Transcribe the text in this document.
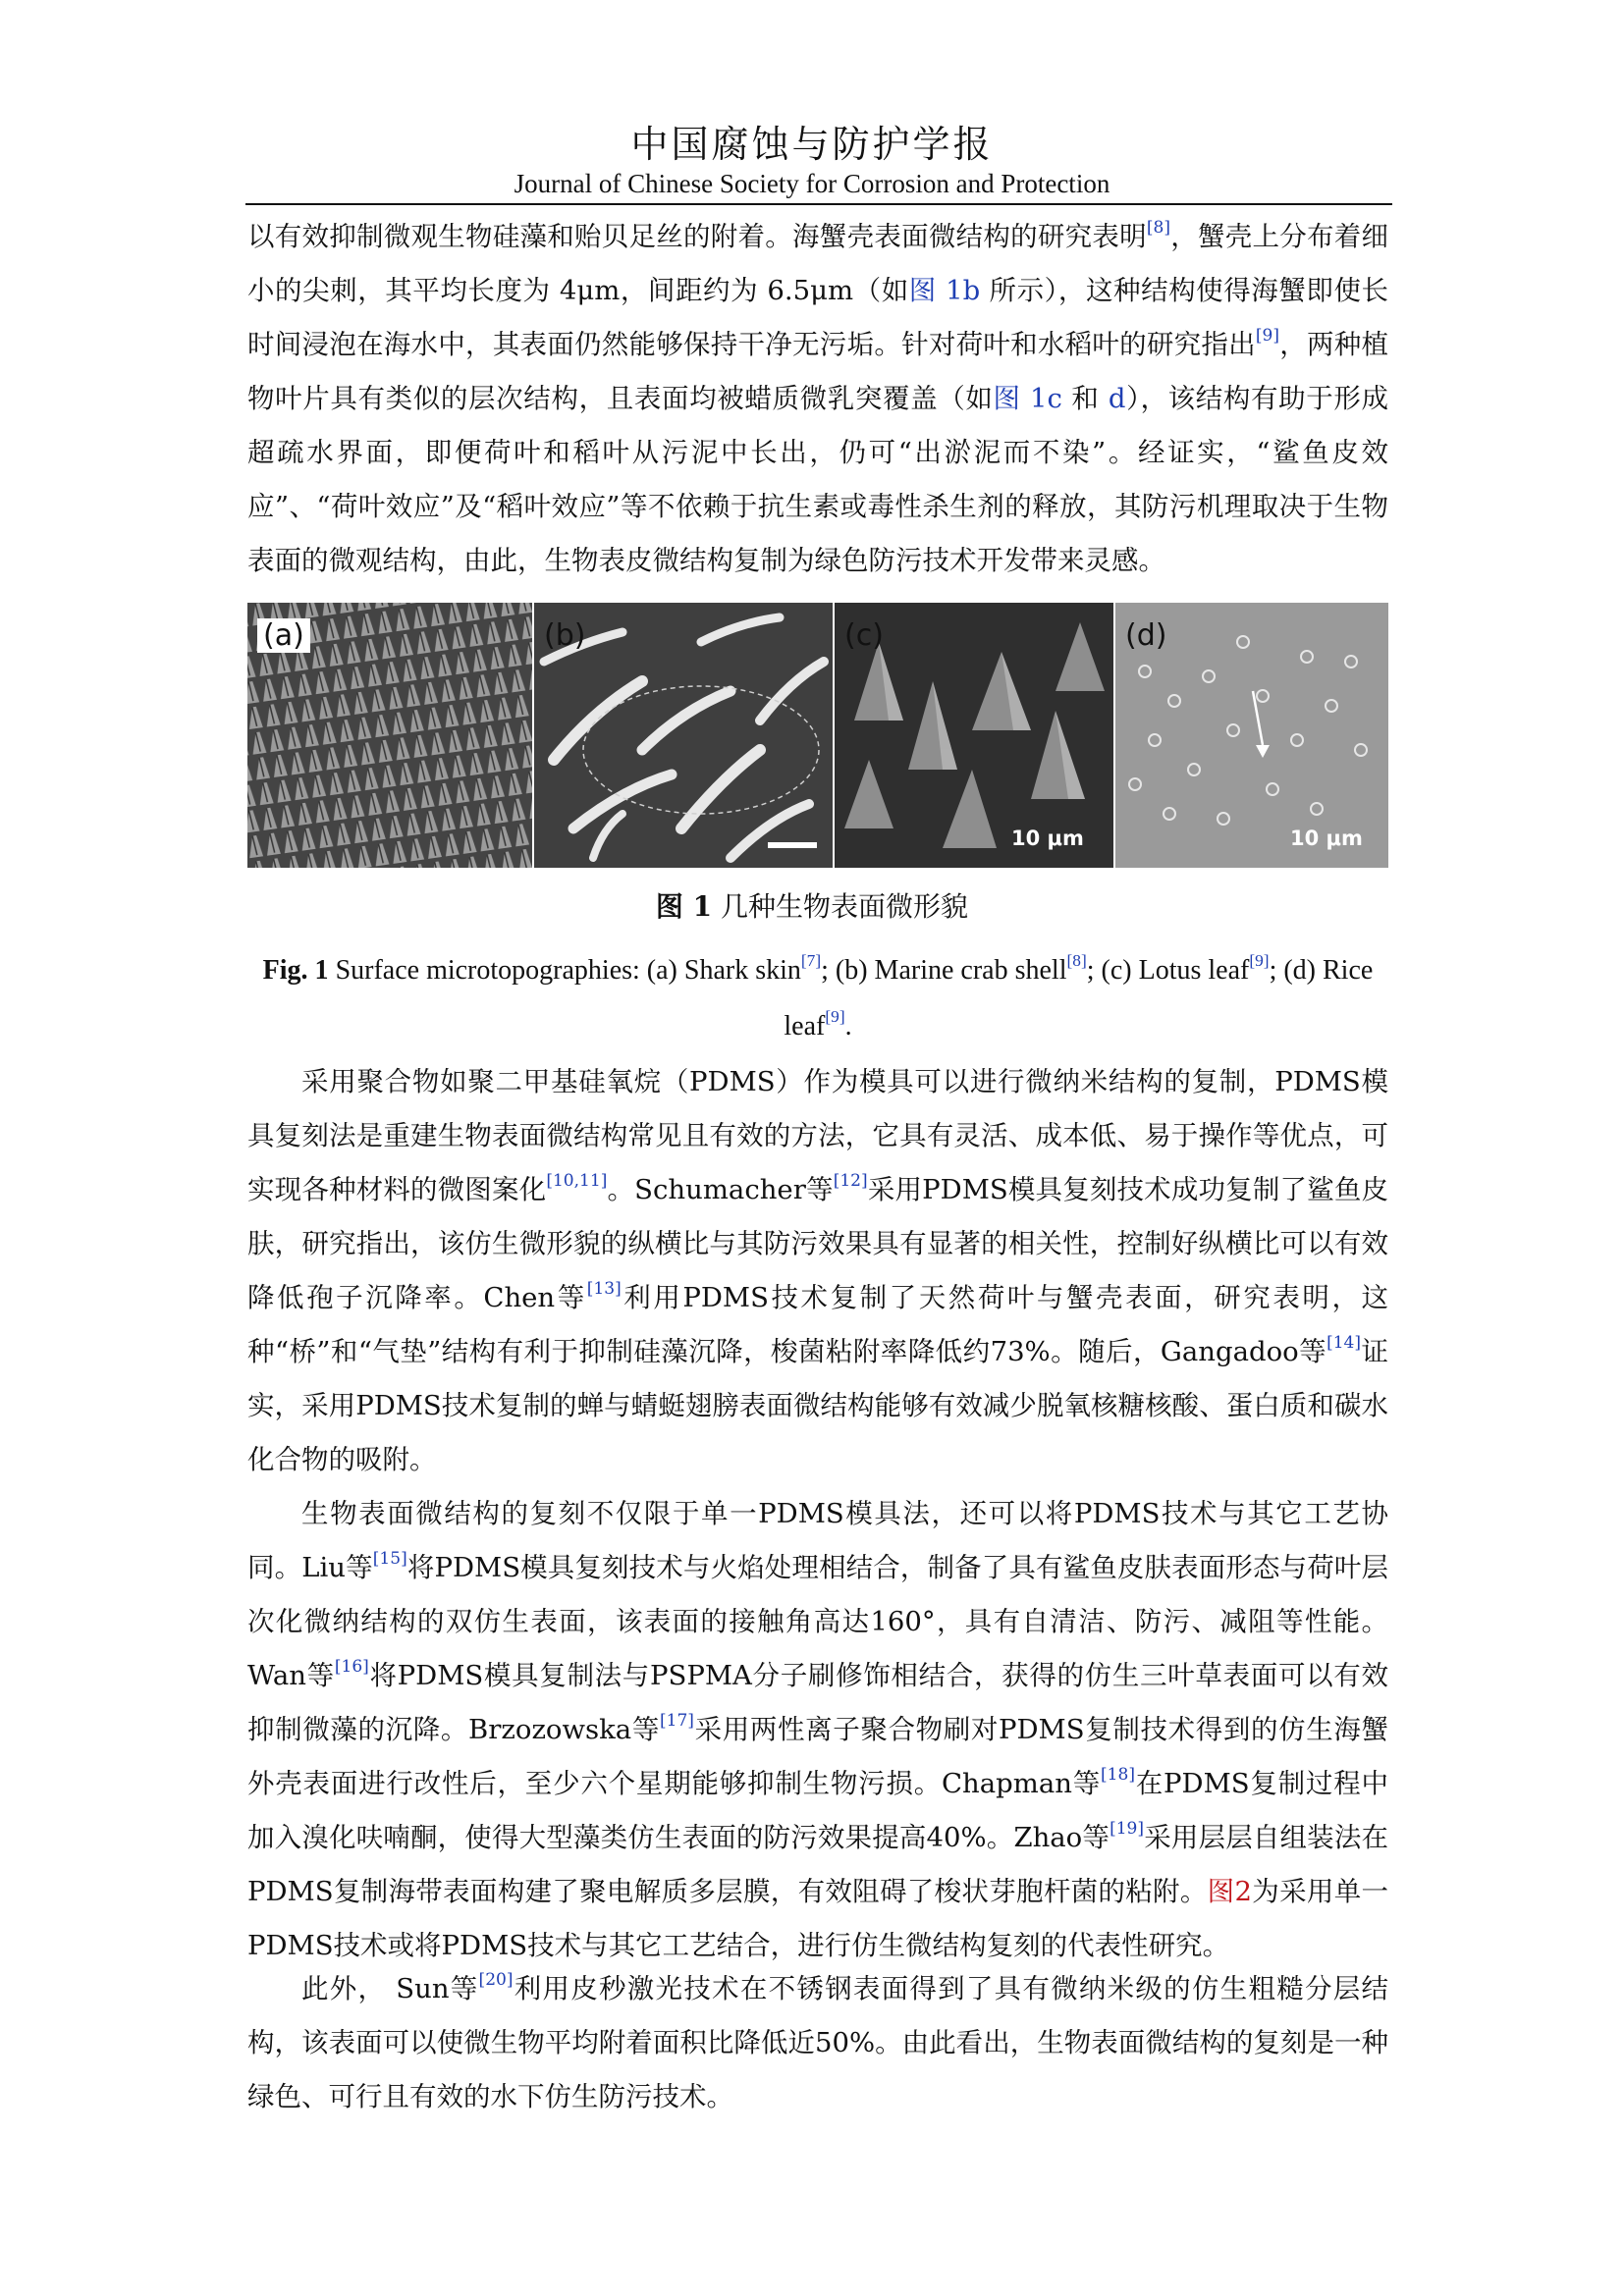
中国腐蚀与防护学报
Journal of Chinese Society for Corrosion and Protection

以有效抑制微观生物硅藻和贻贝足丝的附着。海蟹壳表面微结构的研究表明[8]，蟹壳上分布着细小的尖刺，其平均长度为 4μm，间距约为 6.5μm（如图 1b 所示），这种结构使得海蟹即使长时间浸泡在海水中，其表面仍然能够保持干净无污垢。针对荷叶和水稻叶的研究指出[9]，两种植物叶片具有类似的层次结构，且表面均被蜡质微乳突覆盖（如图 1c 和 d），该结构有助于形成超疏水界面，即便荷叶和稻叶从污泥中长出，仍可“出淤泥而不染”。经证实，“鲨鱼皮效应”、“荷叶效应”及“稻叶效应”等不依赖于抗生素或毒性杀生剂的释放，其防污机理取决于生物表面的微观结构，由此，生物表皮微结构复制为绿色防污技术开发带来灵感。

(a)	(b)	(c)
10 μm
(d)
10 μm
图 1 几种生物表面微形貌
Fig. 1 Surface microtopographies: (a) Shark skin[7]; (b) Marine crab shell[8]; (c) Lotus leaf[9]; (d) Rice leaf[9].

采用聚合物如聚二甲基硅氧烷（PDMS）作为模具可以进行微纳米结构的复制，PDMS模具复刻法是重建生物表面微结构常见且有效的方法，它具有灵活、成本低、易于操作等优点，可实现各种材料的微图案化[10,11]。Schumacher等[12]采用PDMS模具复刻技术成功复制了鲨鱼皮肤，研究指出，该仿生微形貌的纵横比与其防污效果具有显著的相关性，控制好纵横比可以有效降低孢子沉降率。Chen等[13]利用PDMS技术复制了天然荷叶与蟹壳表面，研究表明，这种“桥”和“气垫”结构有利于抑制硅藻沉降，梭菌粘附率降低约73%。随后，Gangadoo等[14]证实，采用PDMS技术复制的蝉与蜻蜓翅膀表面微结构能够有效减少脱氧核糖核酸、蛋白质和碳水化合物的吸附。

生物表面微结构的复刻不仅限于单一PDMS模具法，还可以将PDMS技术与其它工艺协同。Liu等[15]将PDMS模具复刻技术与火焰处理相结合，制备了具有鲨鱼皮肤表面形态与荷叶层次化微纳结构的双仿生表面，该表面的接触角高达160°，具有自清洁、防污、减阻等性能。Wan等[16]将PDMS模具复制法与PSPMA分子刷修饰相结合，获得的仿生三叶草表面可以有效抑制微藻的沉降。Brzozowska等[17]采用两性离子聚合物刷对PDMS复制技术得到的仿生海蟹外壳表面进行改性后，至少六个星期能够抑制生物污损。Chapman等[18]在PDMS复制过程中加入溴化呋喃酮，使得大型藻类仿生表面的防污效果提高40%。Zhao等[19]采用层层自组装法在PDMS复制海带表面构建了聚电解质多层膜，有效阻碍了梭状芽胞杆菌的粘附。图2为采用单一PDMS技术或将PDMS技术与其它工艺结合，进行仿生微结构复刻的代表性研究。

此外， Sun等[20]利用皮秒激光技术在不锈钢表面得到了具有微纳米级的仿生粗糙分层结构，该表面可以使微生物平均附着面积比降低近50%。由此看出，生物表面微结构的复刻是一种绿色、可行且有效的水下仿生防污技术。
